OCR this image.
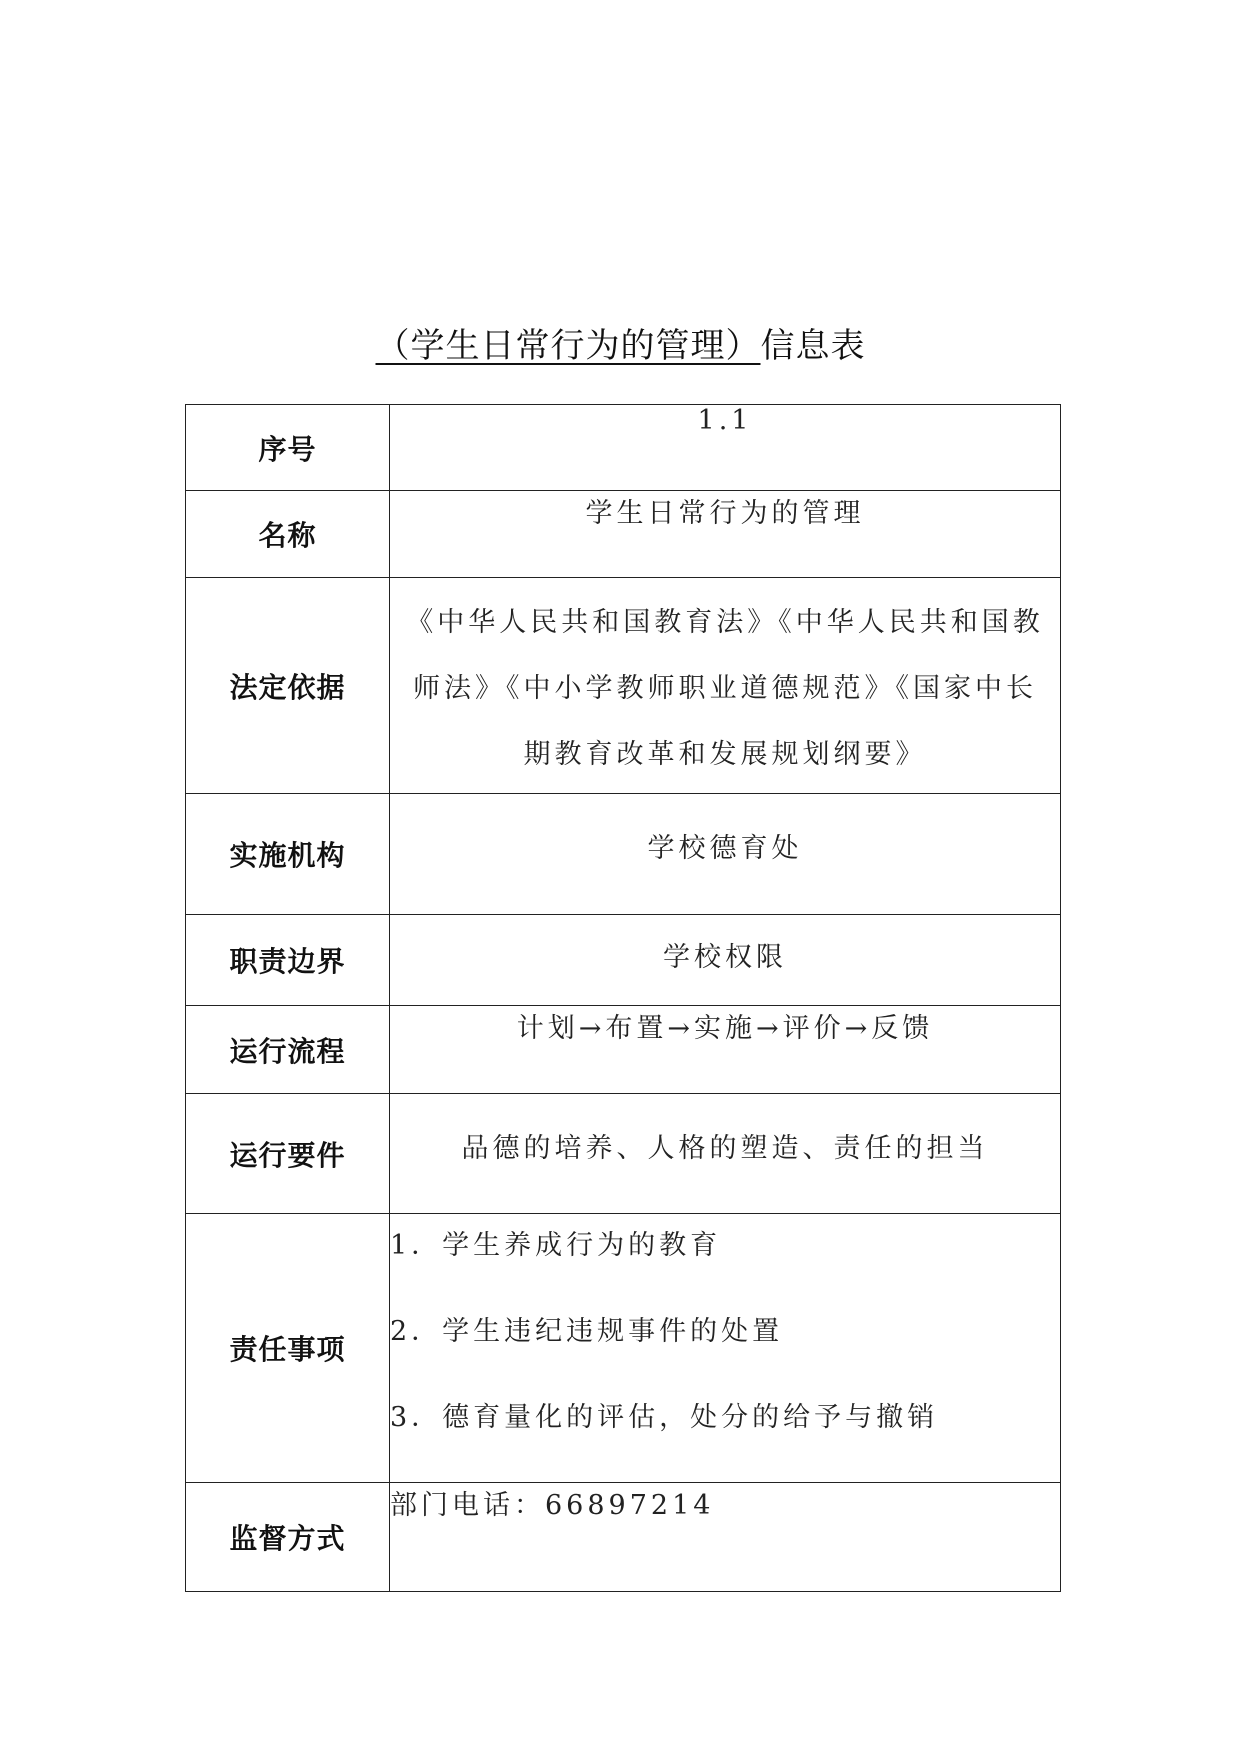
（学生日常行为的管理）信息表
序号	1.1
名称	学生日常行为的管理
法定依据	《中华人民共和国教育法》《中华人民共和国教师法》《中小学教师职业道德规范》《国家中长期教育改革和发展规划纲要》

实施机构	学校德育处
职责边界	学校权限
运行流程	计划→布置→实施→评价→反馈
运行要件	品德的培养、人格的塑造、责任的担当
责任事项	1．学生养成行为的教育
2．学生违纪违规事件的处置
3．德育量化的评估，处分的给予与撤销

监督方式	部门电话：66897214
